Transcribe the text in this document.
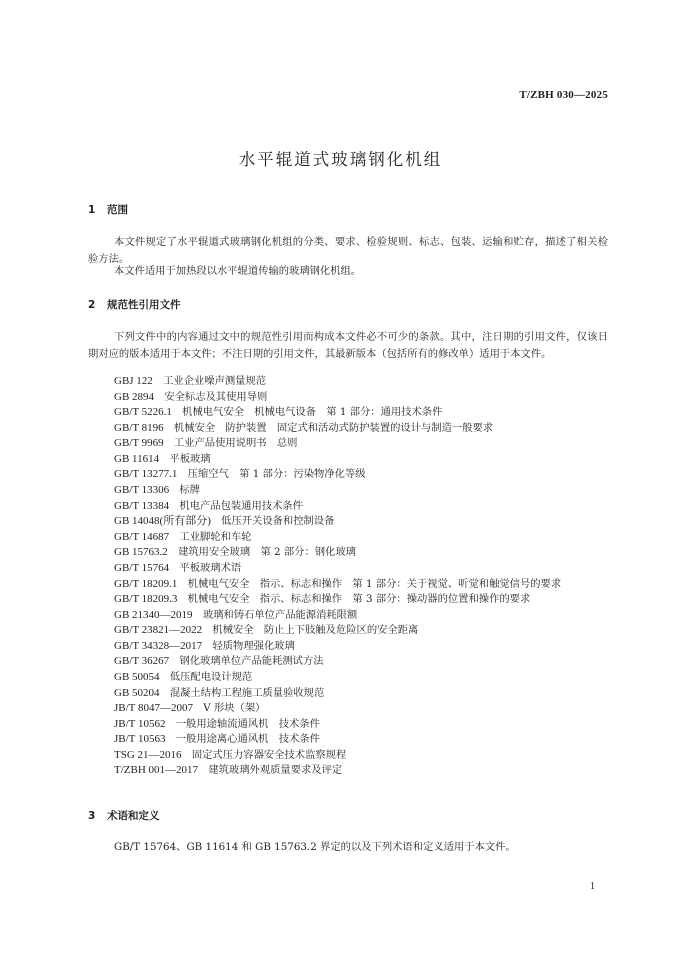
T/ZBH 030—2025
水平辊道式玻璃钢化机组
1 范围
本文件规定了水平辊道式玻璃钢化机组的分类、要求、检验规则、标志、包装、运输和贮存，描述了相关检验方法。
本文件适用于加热段以水平辊道传输的玻璃钢化机组。
2 规范性引用文件
下列文件中的内容通过文中的规范性引用而构成本文件必不可少的条款。其中，注日期的引用文件，仅该日期对应的版本适用于本文件；不注日期的引用文件，其最新版本（包括所有的修改单）适用于本文件。
GBJ 122　 工业企业噪声测量规范
GB 2894　 安全标志及其使用导则
GB/T 5226.1　 机械电气安全　机械电气设备　第 1 部分：通用技术条件
GB/T 8196　 机械安全　防护装置　固定式和活动式防护装置的设计与制造一般要求
GB/T 9969　 工业产品使用说明书　总则
GB 11614　 平板玻璃
GB/T 13277.1　 压缩空气　第 1 部分：污染物净化等级
GB/T 13306　 标牌
GB/T 13384　 机电产品包装通用技术条件
GB 14048(所有部分)　 低压开关设备和控制设备
GB/T 14687　 工业脚轮和车轮
GB 15763.2　 建筑用安全玻璃　第 2 部分：钢化玻璃
GB/T 15764　 平板玻璃术语
GB/T 18209.1　 机械电气安全　指示、标志和操作　第 1 部分：关于视觉、听觉和触觉信号的要求
GB/T 18209.3　 机械电气安全　指示、标志和操作　第 3 部分：操动器的位置和操作的要求
GB 21340—2019　 玻璃和铸石单位产品能源消耗限额
GB/T 23821—2022　 机械安全　防止上下肢触及危险区的安全距离
GB/T 34328—2017　 轻质物理强化玻璃
GB/T 36267　 钢化玻璃单位产品能耗测试方法
GB 50054　 低压配电设计规范
GB 50204　 混凝土结构工程施工质量验收规范
JB/T 8047—2007　 V 形块（架）
JB/T 10562　 一般用途轴流通风机　技术条件
JB/T 10563　 一般用途离心通风机　技术条件
TSG 21—2016　 固定式压力容器安全技术监察规程
T/ZBH 001—2017　 建筑玻璃外观质量要求及评定
3 术语和定义
GB/T 15764、GB 11614 和 GB 15763.2 界定的以及下列术语和定义适用于本文件。
1
